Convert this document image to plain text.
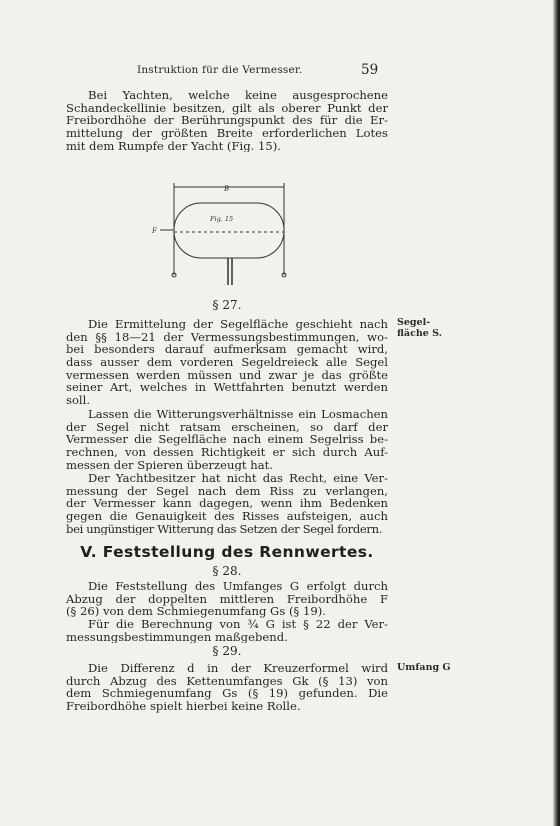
Instruktion für die Vermesser.	59
Bei Yachten, welche keine ausgesprochene
Schandeckellinie besitzen, gilt als oberer Punkt der
Freibordhöhe der Berührungspunkt des für die Er-
mittelung der größten Breite erforderlichen Lotes
mit dem Rumpfe der Yacht (Fig. 15).
B
F
Fig. 15
§ 27.
Segel-
fläche S.
Die Ermittelung der Segelfläche geschieht nach
den §§ 18—21 der Vermessungsbestimmungen, wo-
bei besonders darauf aufmerksam gemacht wird,
dass ausser dem vorderen Segeldreieck alle Segel
vermessen werden müssen und zwar je das größte
seiner Art, welches in Wettfahrten benutzt werden
soll.
Lassen die Witterungsverhältnisse ein Losmachen
der Segel nicht ratsam erscheinen, so darf der
Vermesser die Segelfläche nach einem Segelriss be-
rechnen, von dessen Richtigkeit er sich durch Auf-
messen der Spieren überzeugt hat.
Der Yachtbesitzer hat nicht das Recht, eine Ver-
messung der Segel nach dem Riss zu verlangen,
der Vermesser kann dagegen, wenn ihm Bedenken
gegen die Genauigkeit des Risses aufsteigen, auch
bei ungünstiger Witterung das Setzen der Segel fordern.
V. Feststellung des Rennwertes.
§ 28.
Die Feststellung des Umfanges G erfolgt durch
Abzug der doppelten mittleren Freibordhöhe F
(§ 26) von dem Schmiegenumfang Gs (§ 19).
Für die Berechnung von ¾ G ist § 22 der Ver-
messungsbestimmungen maßgebend.
§ 29.
Umfang G
Die Differenz d in der Kreuzerformel wird
durch Abzug des Kettenumfanges Gk (§ 13) von
dem Schmiegenumfang Gs (§ 19) gefunden. Die
Freibordhöhe spielt hierbei keine Rolle.
